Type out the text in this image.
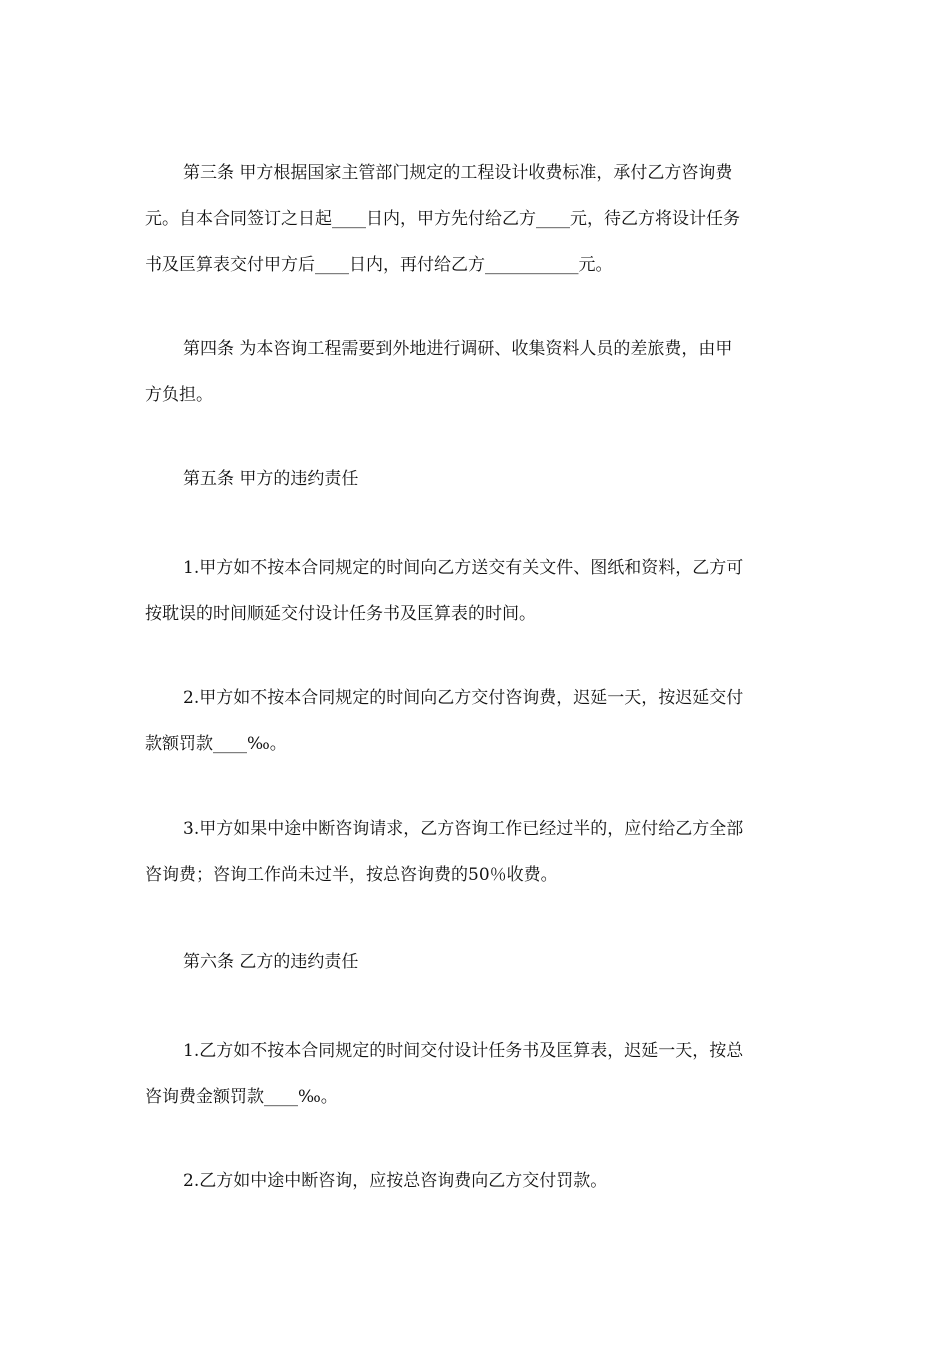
第三条 甲方根据国家主管部门规定的工程设计收费标准，承付乙方咨询费
元。自本合同签订之日起____日内，甲方先付给乙方____元，待乙方将设计任务
书及匡算表交付甲方后____日内，再付给乙方___________元。

第四条 为本咨询工程需要到外地进行调研、收集资料人员的差旅费，由甲
方负担。

第五条 甲方的违约责任

1.甲方如不按本合同规定的时间向乙方送交有关文件、图纸和资料，乙方可
按耽误的时间顺延交付设计任务书及匡算表的时间。

2.甲方如不按本合同规定的时间向乙方交付咨询费，迟延一天，按迟延交付
款额罚款____‰。

3.甲方如果中途中断咨询请求，乙方咨询工作已经过半的，应付给乙方全部
咨询费；咨询工作尚未过半，按总咨询费的50％收费。

第六条 乙方的违约责任

1.乙方如不按本合同规定的时间交付设计任务书及匡算表，迟延一天，按总
咨询费金额罚款____‰。

2.乙方如中途中断咨询，应按总咨询费向乙方交付罚款。
